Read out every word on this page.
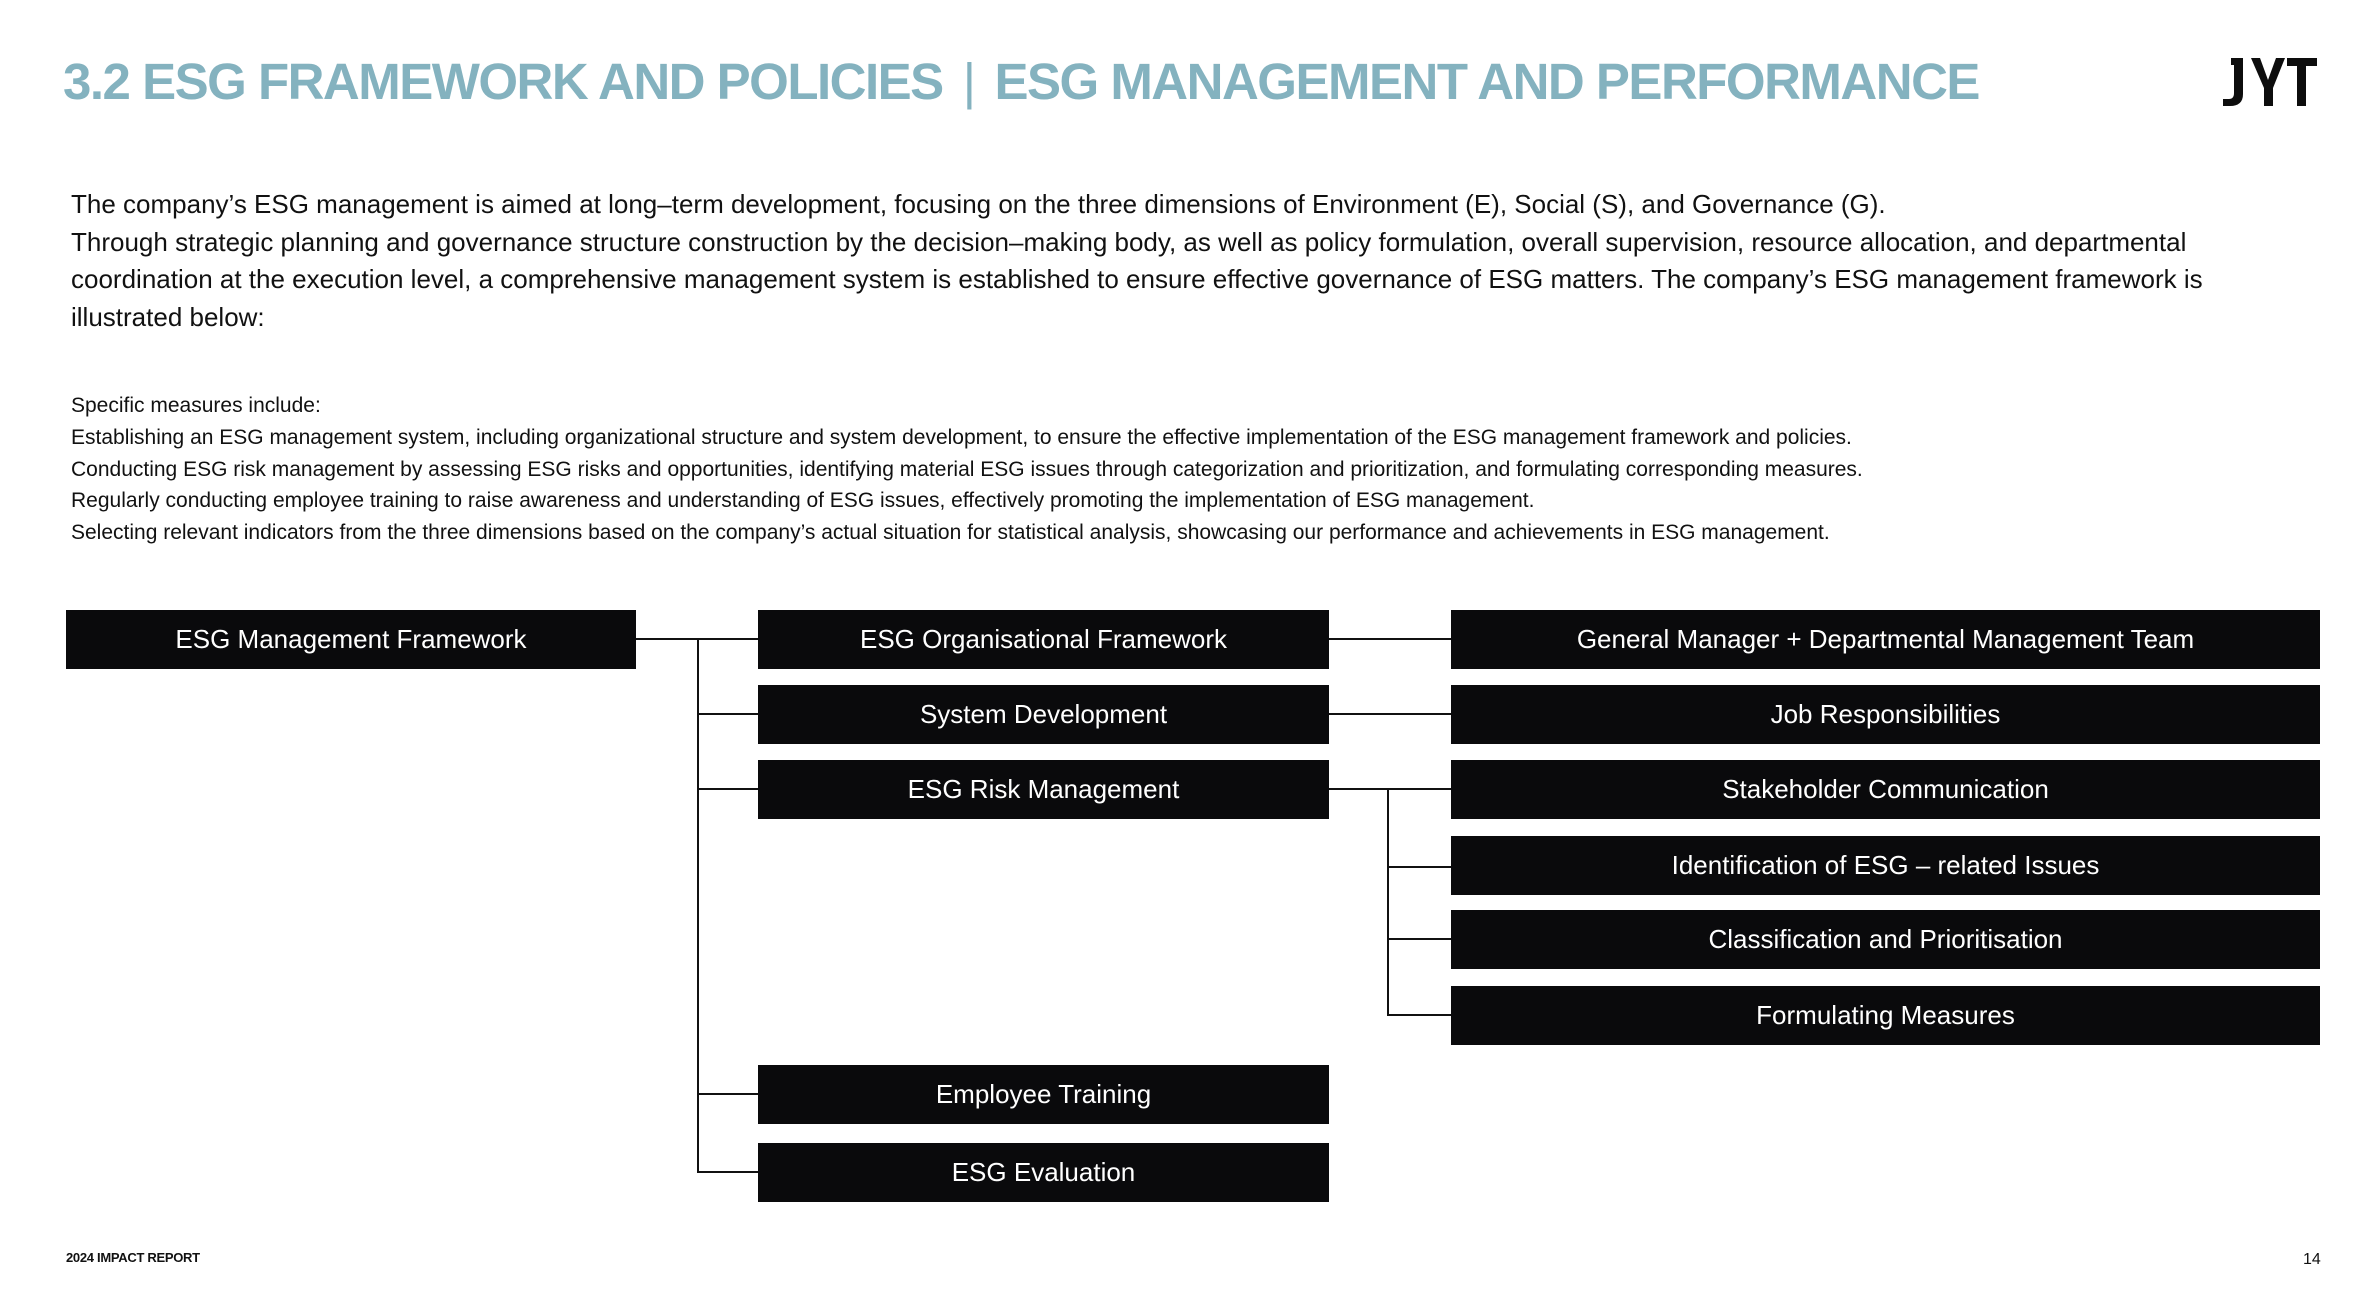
3.2 ESG FRAMEWORK AND POLICIES | ESG MANAGEMENT AND PERFORMANCE

The company’s ESG management is aimed at long–term development, focusing on the three dimensions of Environment (E), Social (S), and Governance (G).

Through strategic planning and governance structure construction by the decision–making body, as well as policy formulation, overall supervision, resource allocation, and departmental coordination at the execution level, a comprehensive management system is established to ensure effective governance of ESG matters. The company’s ESG management framework is illustrated below:

Specific measures include:

Establishing an ESG management system, including organizational structure and system development, to ensure the effective implementation of the ESG management framework and policies.

Conducting ESG risk management by assessing ESG risks and opportunities, identifying material ESG issues through categorization and prioritization, and formulating corresponding measures.

Regularly conducting employee training to raise awareness and understanding of ESG issues, effectively promoting the implementation of ESG management.

Selecting relevant indicators from the three dimensions based on the company’s actual situation for statistical analysis, showcasing our performance and achievements in ESG management.

ESG Management Framework	ESG Organisational Framework
System Development
ESG Risk Management
Employee Training
ESG Evaluation
General Manager + Departmental Management Team
Job Responsibilities
Stakeholder Communication
Identification of ESG – related Issues
Classification and Prioritisation
Formulating Measures
2024 IMPACT REPORT	14
